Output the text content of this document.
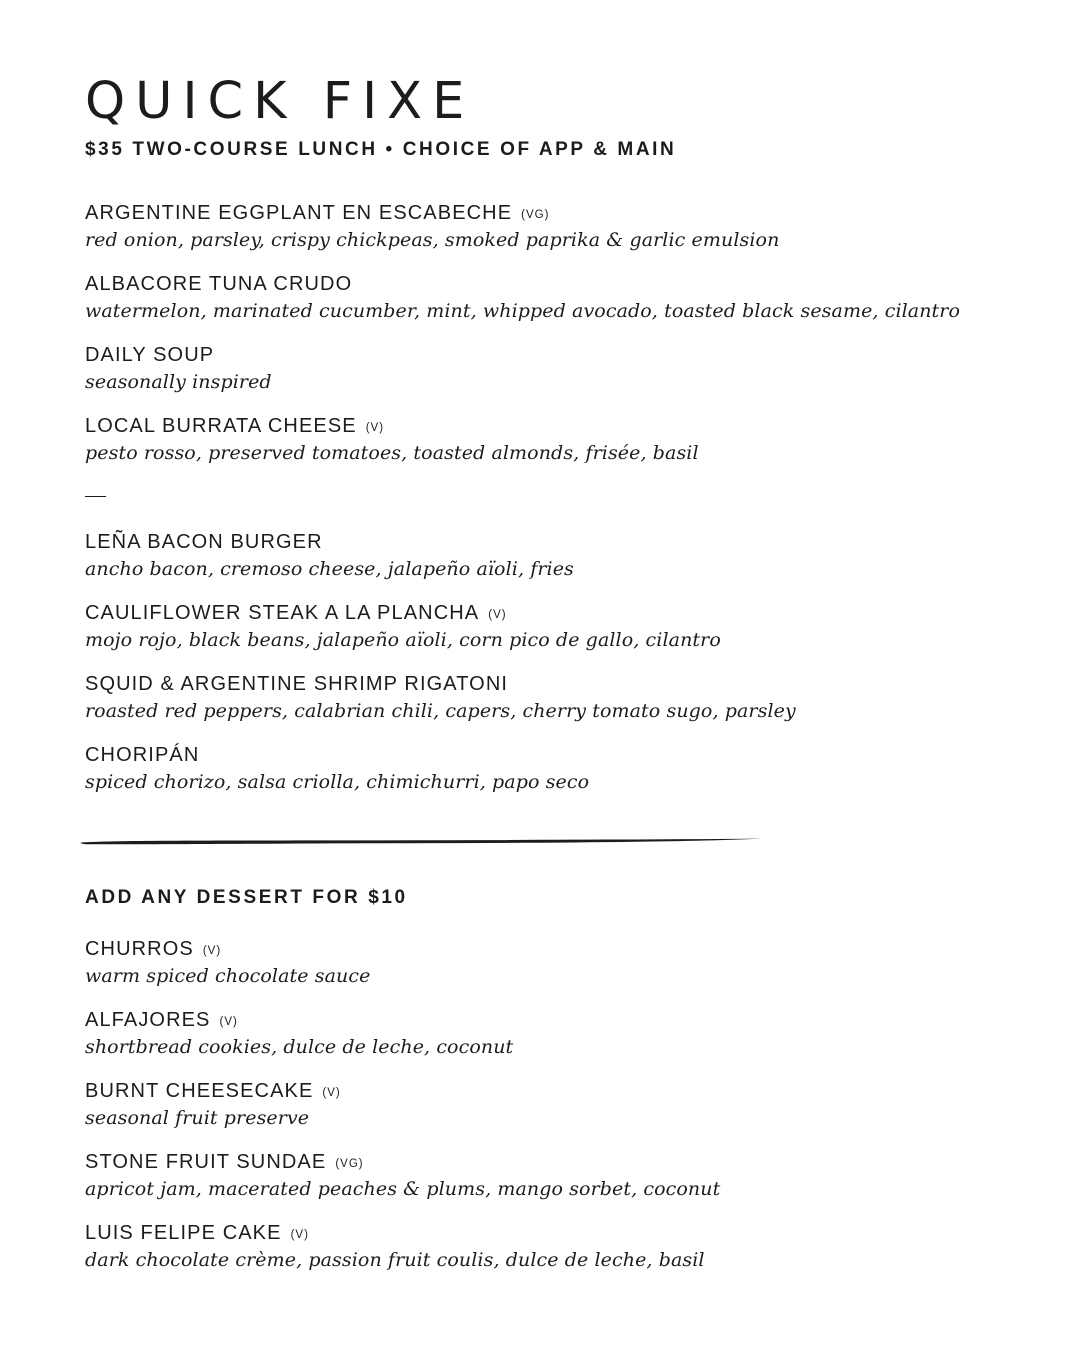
QUICK FIXE
$35 TWO-COURSE LUNCH • CHOICE OF APP & MAIN
ARGENTINE EGGPLANT EN ESCABECHE (VG)
red onion, parsley, crispy chickpeas, smoked paprika & garlic emulsion
ALBACORE TUNA CRUDO
watermelon, marinated cucumber, mint, whipped avocado, toasted black sesame, cilantro
DAILY SOUP
seasonally inspired
LOCAL BURRATA CHEESE (V)
pesto rosso, preserved tomatoes, toasted almonds, frisée, basil
LEÑA BACON BURGER
ancho bacon, cremoso cheese, jalapeño aïoli, fries
CAULIFLOWER STEAK A LA PLANCHA (V)
mojo rojo, black beans, jalapeño aïoli, corn pico de gallo, cilantro
SQUID & ARGENTINE SHRIMP RIGATONI
roasted red peppers, calabrian chili, capers, cherry tomato sugo, parsley
CHORIPÁN
spiced chorizo, salsa criolla, chimichurri, papo seco
ADD ANY DESSERT FOR $10
CHURROS (V)
warm spiced chocolate sauce
ALFAJORES (V)
shortbread cookies, dulce de leche, coconut
BURNT CHEESECAKE (V)
seasonal fruit preserve
STONE FRUIT SUNDAE (VG)
apricot jam, macerated peaches & plums, mango sorbet, coconut
LUIS FELIPE CAKE (V)
dark chocolate crème, passion fruit coulis, dulce de leche, basil
